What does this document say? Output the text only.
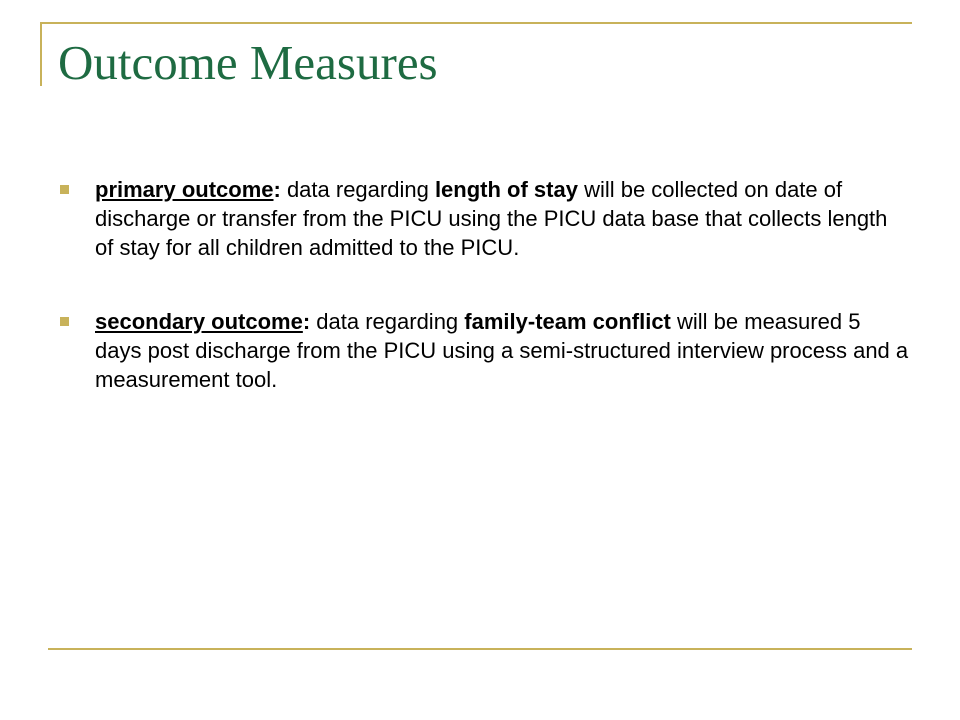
Outcome Measures
primary outcome: data regarding length of stay will be collected on date of discharge or transfer from the PICU using the PICU data base that collects length of stay for all children admitted to the PICU.
secondary outcome: data regarding family-team conflict will be measured 5 days post discharge from the PICU using a semi-structured interview process and a measurement tool.
